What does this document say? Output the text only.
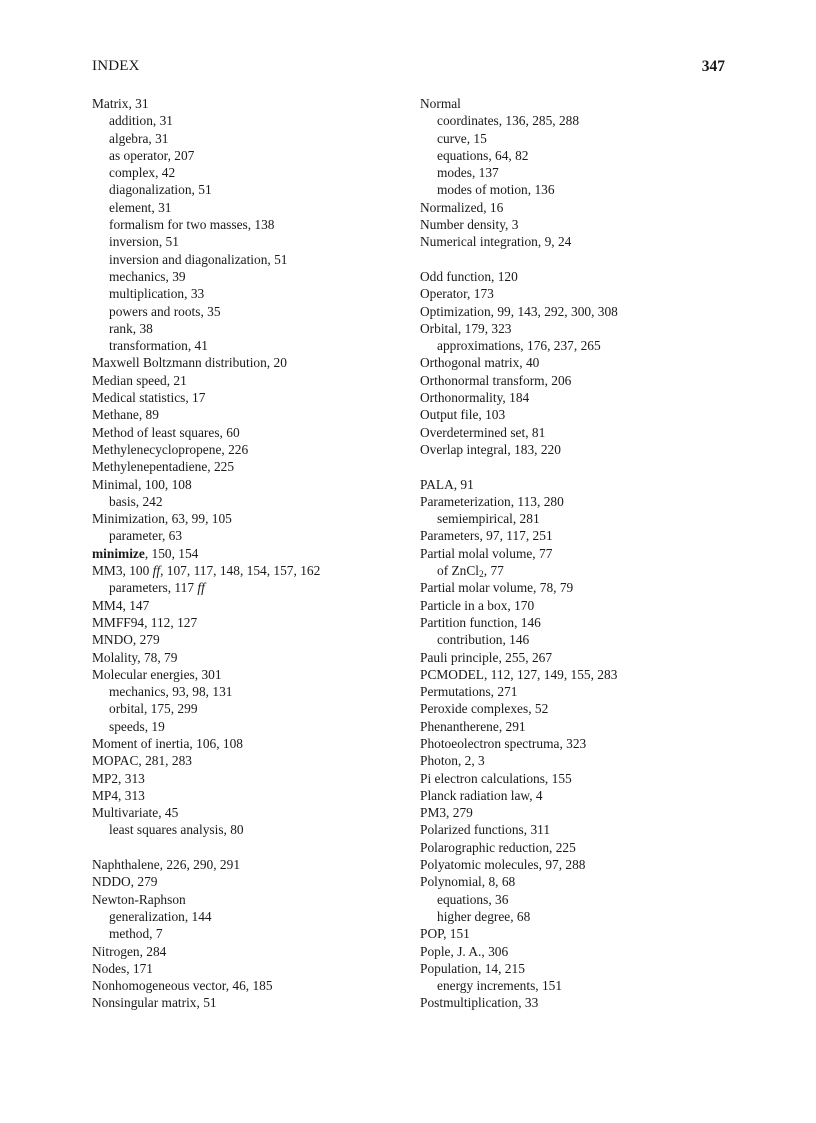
INDEX	347
Matrix, 31
addition, 31
algebra, 31
as operator, 207
complex, 42
diagonalization, 51
element, 31
formalism for two masses, 138
inversion, 51
inversion and diagonalization, 51
mechanics, 39
multiplication, 33
powers and roots, 35
rank, 38
transformation, 41
Maxwell Boltzmann distribution, 20
Median speed, 21
Medical statistics, 17
Methane, 89
Method of least squares, 60
Methylenecyclopropene, 226
Methylenepentadiene, 225
Minimal, 100, 108
basis, 242
Minimization, 63, 99, 105
parameter, 63
minimize, 150, 154
MM3, 100 ff, 107, 117, 148, 154, 157, 162
parameters, 117 ff
MM4, 147
MMFF94, 112, 127
MNDO, 279
Molality, 78, 79
Molecular energies, 301
mechanics, 93, 98, 131
orbital, 175, 299
speeds, 19
Moment of inertia, 106, 108
MOPAC, 281, 283
MP2, 313
MP4, 313
Multivariate, 45
least squares analysis, 80
Naphthalene, 226, 290, 291
NDDO, 279
Newton-Raphson
generalization, 144
method, 7
Nitrogen, 284
Nodes, 171
Nonhomogeneous vector, 46, 185
Nonsingular matrix, 51
Normal
coordinates, 136, 285, 288
curve, 15
equations, 64, 82
modes, 137
modes of motion, 136
Normalized, 16
Number density, 3
Numerical integration, 9, 24
Odd function, 120
Operator, 173
Optimization, 99, 143, 292, 300, 308
Orbital, 179, 323
approximations, 176, 237, 265
Orthogonal matrix, 40
Orthonormal transform, 206
Orthonormality, 184
Output file, 103
Overdetermined set, 81
Overlap integral, 183, 220
PALA, 91
Parameterization, 113, 280
semiempirical, 281
Parameters, 97, 117, 251
Partial molal volume, 77
of ZnCl$_2$, 77
Partial molar volume, 78, 79
Particle in a box, 170
Partition function, 146
contribution, 146
Pauli principle, 255, 267
PCMODEL, 112, 127, 149, 155, 283
Permutations, 271
Peroxide complexes, 52
Phenantherene, 291
Photoeolectron spectruma, 323
Photon, 2, 3
Pi electron calculations, 155
Planck radiation law, 4
PM3, 279
Polarized functions, 311
Polarographic reduction, 225
Polyatomic molecules, 97, 288
Polynomial, 8, 68
equations, 36
higher degree, 68
POP, 151
Pople, J. A., 306
Population, 14, 215
energy increments, 151
Postmultiplication, 33
